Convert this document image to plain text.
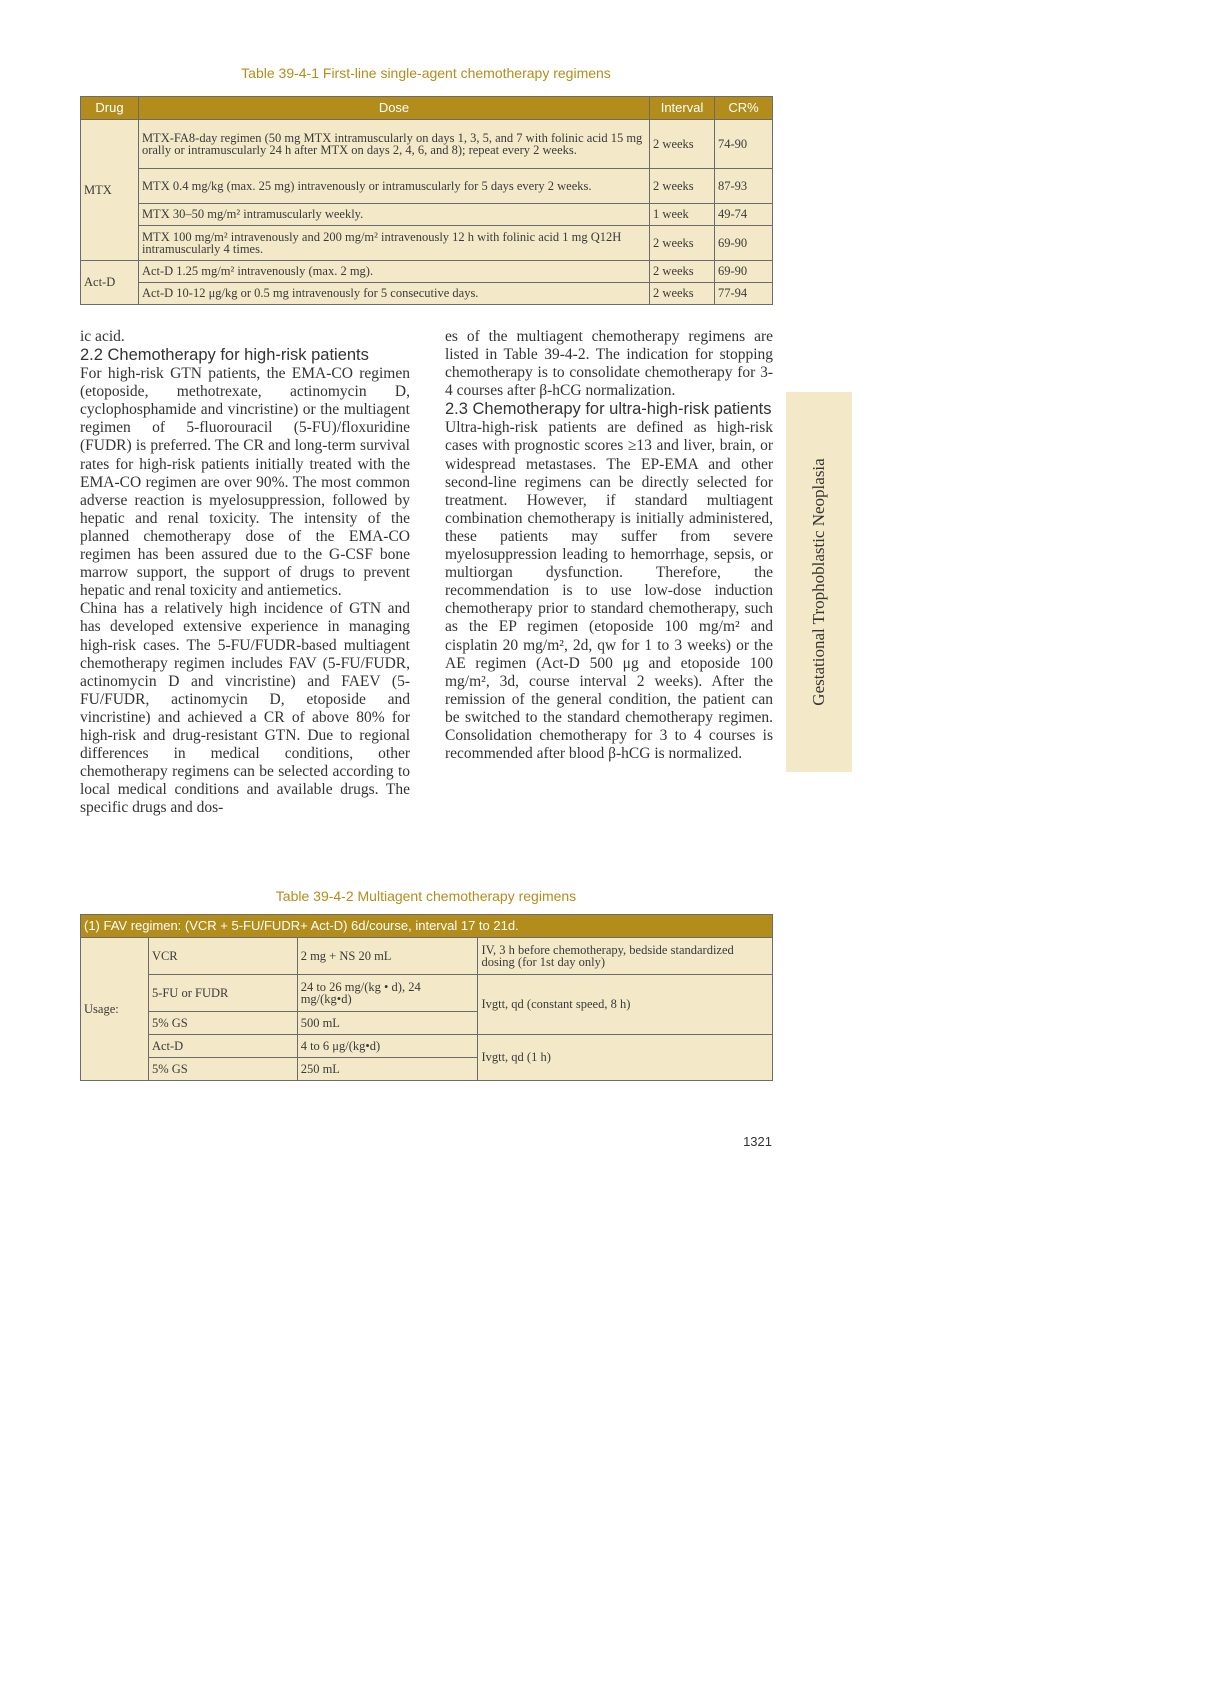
Table 39-4-1 First-line single-agent chemotherapy regimens
Drug	Dose	Interval	CR%
MTX	MTX-FA8-day regimen (50 mg MTX intramuscularly on days 1, 3, 5, and 7 with folinic acid 15 mg orally or intramuscularly 24 h after MTX on days 2, 4, 6, and 8); repeat every 2 weeks.	2 weeks	74-90
	MTX 0.4 mg/kg (max. 25 mg) intravenously or intramuscularly for 5 days every 2 weeks.	2 weeks	87-93
	MTX 30–50 mg/m² intramuscularly weekly.	1 week	49-74
	MTX 100 mg/m² intravenously and 200 mg/m² intravenously 12 h with folinic acid 1 mg Q12H intramuscularly 4 times.	2 weeks	69-90
Act-D	Act-D 1.25 mg/m² intravenously (max. 2 mg).	2 weeks	69-90
	Act-D 10-12 μg/kg or 0.5 mg intravenously for 5 consecutive days.	2 weeks	77-94

ic acid.

2.2 Chemotherapy for high-risk patients

For high-risk GTN patients, the EMA-CO regimen (etoposide, methotrexate, actinomycin D, cyclophosphamide and vincristine) or the multiagent regimen of 5-fluorouracil (5-FU)/floxuridine (FUDR) is preferred. The CR and long-term survival rates for high-risk patients initially treated with the EMA-CO regimen are over 90%. The most common adverse reaction is myelosuppression, followed by hepatic and renal toxicity. The intensity of the planned chemotherapy dose of the EMA-CO regimen has been assured due to the G-CSF bone marrow support, the support of drugs to prevent hepatic and renal toxicity and antiemetics.

China has a relatively high incidence of GTN and has developed extensive experience in managing high-risk cases. The 5-FU/FUDR-based multiagent chemotherapy regimen includes FAV (5-FU/FUDR, actinomycin D and vincristine) and FAEV (5-FU/FUDR, actinomycin D, etoposide and vincristine) and achieved a CR of above 80% for high-risk and drug-resistant GTN. Due to regional differences in medical conditions, other chemotherapy regimens can be selected according to local medical conditions and available drugs. The specific drugs and dos-

es of the multiagent chemotherapy regimens are listed in Table 39-4-2. The indication for stopping chemotherapy is to consolidate chemotherapy for 3-4 courses after β-hCG normalization.

2.3 Chemotherapy for ultra-high-risk patients

Ultra-high-risk patients are defined as high-risk cases with prognostic scores ≥13 and liver, brain, or widespread metastases. The EP-EMA and other second-line regimens can be directly selected for treatment. However, if standard multiagent combination chemotherapy is initially administered, these patients may suffer from severe myelosuppression leading to hemorrhage, sepsis, or multiorgan dysfunction. Therefore, the recommendation is to use low-dose induction chemotherapy prior to standard chemotherapy, such as the EP regimen (etoposide 100 mg/m² and cisplatin 20 mg/m², 2d, qw for 1 to 3 weeks) or the AE regimen (Act-D 500 μg and etoposide 100 mg/m², 3d, course interval 2 weeks). After the remission of the general condition, the patient can be switched to the standard chemotherapy regimen. Consolidation chemotherapy for 3 to 4 courses is recommended after blood β-hCG is normalized.

Gestational Trophoblastic Neoplasia
Table 39-4-2 Multiagent chemotherapy regimens
(1) FAV regimen: (VCR + 5-FU/FUDR+ Act-D) 6d/course, interval 17 to 21d.			
Usage:	VCR	2 mg + NS 20 mL	IV, 3 h before chemotherapy, bedside standardized dosing (for 1st day only)
	5-FU or FUDR	24 to 26 mg/(kg • d), 24 mg/(kg•d)	Ivgtt, qd (constant speed, 8 h)
	5% GS	500 mL	
	Act-D	4 to 6 μg/(kg•d)	Ivgtt, qd (1 h)
	5% GS	250 mL	
1321
